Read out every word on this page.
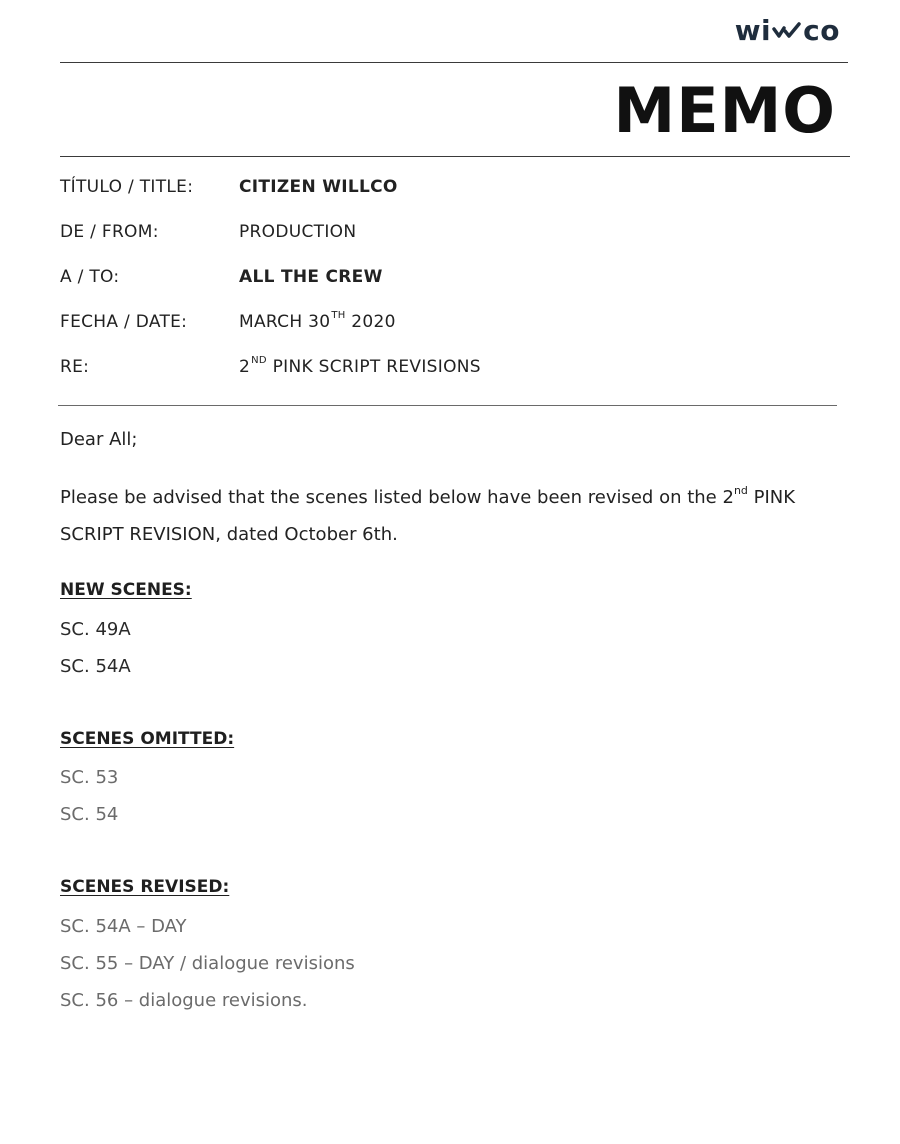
wi co
MEMO
TÍTULO / TITLE:	CITIZEN WILLCO
DE / FROM:	PRODUCTION
A / TO:	ALL THE CREW
FECHA / DATE:	MARCH 30TH 2020
RE:	2ND PINK SCRIPT REVISIONS
Dear All;
Please be advised that the scenes listed below have been revised on the 2nd PINK SCRIPT REVISION, dated October 6th.
NEW SCENES:
SC. 49A
SC. 54A
SCENES OMITTED:
SC. 53
SC. 54
SCENES REVISED:
SC. 54A – DAY
SC. 55 – DAY / dialogue revisions
SC. 56 – dialogue revisions.
